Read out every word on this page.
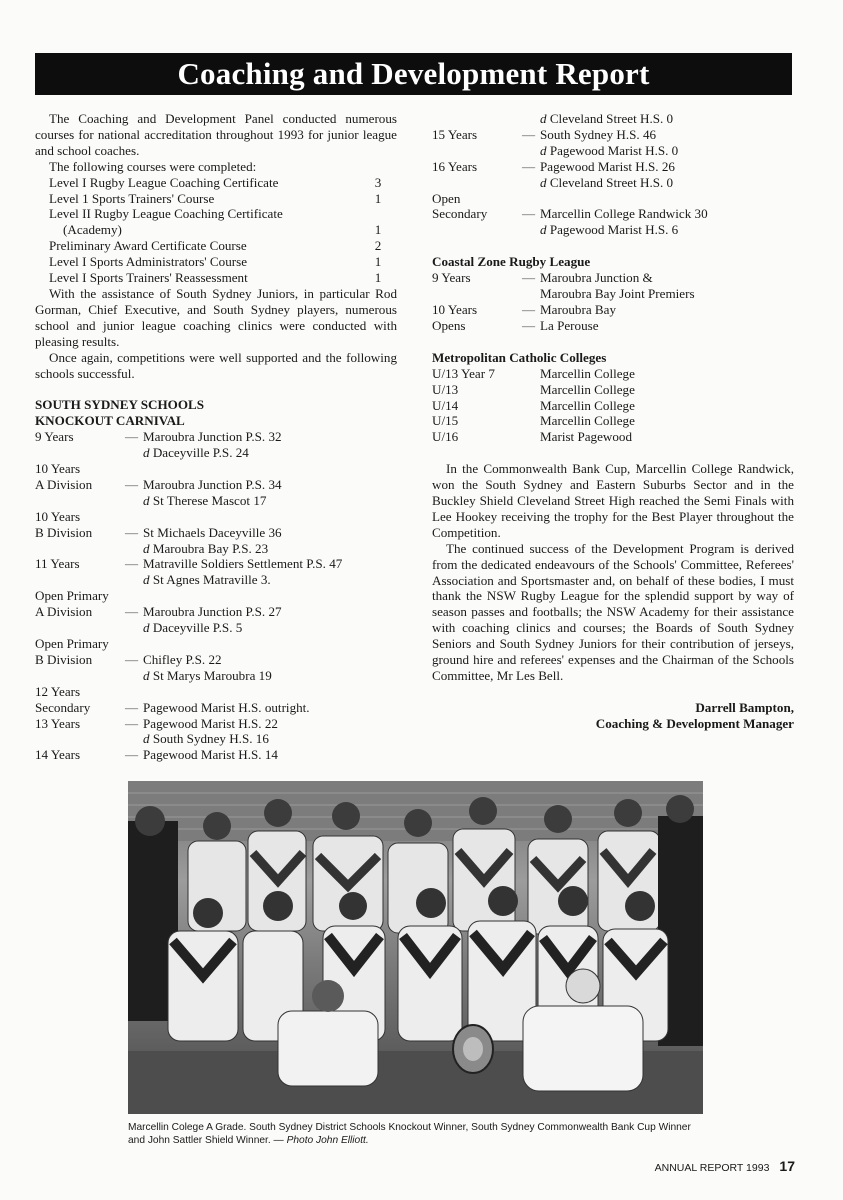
Coaching and Development Report

The Coaching and Development Panel conducted numerous courses for national accreditation throughout 1993 for junior league and school coaches.

The following courses were completed:

Level I Rugby League Coaching Certificate	3
Level 1 Sports Trainers' Course	1
Level II Rugby League Coaching Certificate
(Academy)	1
Preliminary Award Certificate Course	2
Level I Sports Administrators' Course	1
Level I Sports Trainers' Reassessment	1

With the assistance of South Sydney Juniors, in particular Rod Gorman, Chief Executive, and South Sydney players, numerous school and junior league coaching clinics were conducted with pleasing results.

Once again, competitions were well supported and the following schools successful.

SOUTH SYDNEY SCHOOLS
KNOCKOUT CARNIVAL
9 Years	— Maroubra Junction P.S. 32
d Daceyville P.S. 24
10 Years
A Division	— Maroubra Junction P.S. 34
d St Therese Mascot 17
10 Years
B Division	— St Michaels Daceyville 36
d Maroubra Bay P.S. 23
11 Years	— Matraville Soldiers Settlement P.S. 47
d St Agnes Matraville 3.
Open Primary
A Division	— Maroubra Junction P.S. 27
d Daceyville P.S. 5
Open Primary
B Division	— Chifley P.S. 22
d St Marys Maroubra 19
12 Years
Secondary	— Pagewood Marist H.S. outright.
13 Years	— Pagewood Marist H.S. 22
d South Sydney H.S. 16
14 Years	— Pagewood Marist H.S. 14
d Cleveland Street H.S. 0
15 Years	— South Sydney H.S. 46
d Pagewood Marist H.S. 0
16 Years	— Pagewood Marist H.S. 26
d Cleveland Street H.S. 0
Open
Secondary	— Marcellin College Randwick 30
d Pagewood Marist H.S. 6
Coastal Zone Rugby League
9 Years	— Maroubra Junction &
Maroubra Bay Joint Premiers
10 Years	— Maroubra Bay
Opens	— La Perouse
Metropolitan Catholic Colleges
U/13 Year 7	Marcellin College
U/13	Marcellin College
U/14	Marcellin College
U/15	Marcellin College
U/16	Marist Pagewood

In the Commonwealth Bank Cup, Marcellin College Randwick, won the South Sydney and Eastern Suburbs Sector and in the Buckley Shield Cleveland Street High reached the Semi Finals with Lee Hookey receiving the trophy for the Best Player throughout the Competition.

The continued success of the Development Program is derived from the dedicated endeavours of the Schools' Committee, Referees' Association and Sportsmaster and, on behalf of these bodies, I must thank the NSW Rugby League for the splendid support by way of season passes and footballs; the NSW Academy for their assistance with coaching clinics and courses; the Boards of South Sydney Seniors and South Sydney Juniors for their contribution of jerseys, ground hire and referees' expenses and the Chairman of the Schools Committee, Mr Les Bell.

Darrell Bampton,
Coaching & Development Manager
Marcellin Colege A Grade. South Sydney District Schools Knockout Winner, South Sydney Commonwealth Bank Cup Winner and John Sattler Shield Winner. — Photo John Elliott.
ANNUAL REPORT 1993 17
